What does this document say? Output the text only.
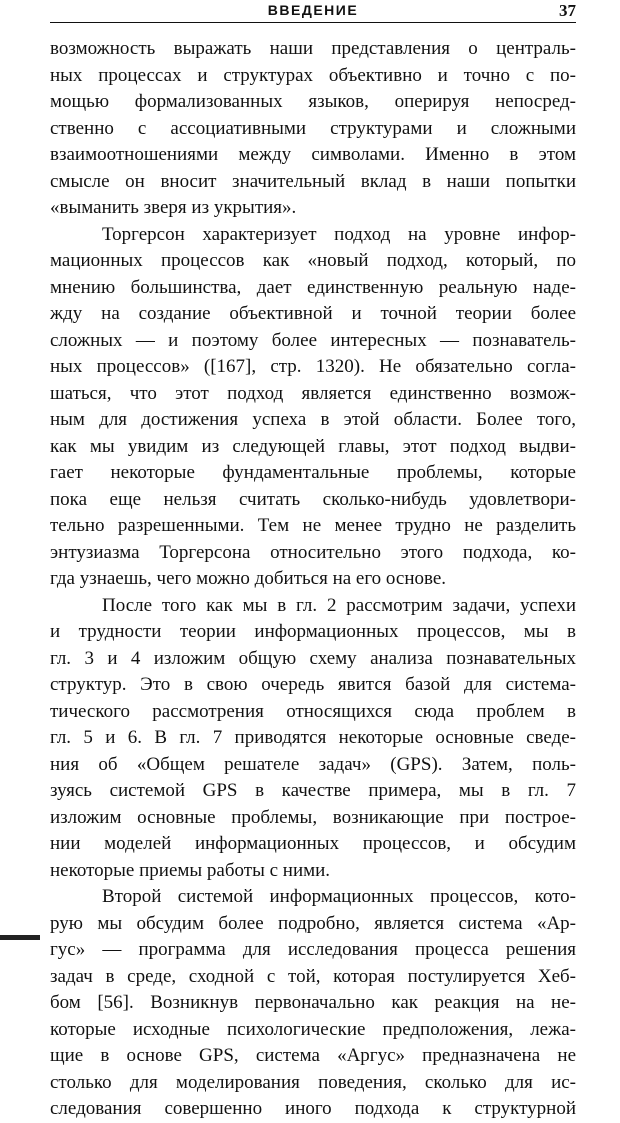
ВВЕДЕНИЕ	37
возможность выражать наши представления о централь-
ных процессах и структурах объективно и точно с по-
мощью формализованных языков, оперируя непосред-
ственно с ассоциативными структурами и сложными
взаимоотношениями между символами. Именно в этом
смысле он вносит значительный вклад в наши попытки
«выманить зверя из укрытия».
Торгерсон характеризует подход на уровне инфор-
мационных процессов как «новый подход, который, по
мнению большинства, дает единственную реальную наде-
жду на создание объективной и точной теории более
сложных — и поэтому более интересных — познаватель-
ных процессов» ([167], стр. 1320). Не обязательно согла-
шаться, что этот подход является единственно возмож-
ным для достижения успеха в этой области. Более того,
как мы увидим из следующей главы, этот подход выдви-
гает некоторые фундаментальные проблемы, которые
пока еще нельзя считать сколько-нибудь удовлетвори-
тельно разрешенными. Тем не менее трудно не разделить
энтузиазма Торгерсона относительно этого подхода, ко-
гда узнаешь, чего можно добиться на его основе.
После того как мы в гл. 2 рассмотрим задачи, успехи
и трудности теории информационных процессов, мы в
гл. 3 и 4 изложим общую схему анализа познавательных
структур. Это в свою очередь явится базой для система-
тического рассмотрения относящихся сюда проблем в
гл. 5 и 6. В гл. 7 приводятся некоторые основные сведе-
ния об «Общем решателе задач» (GPS). Затем, поль-
зуясь системой GPS в качестве примера, мы в гл. 7
изложим основные проблемы, возникающие при построе-
нии моделей информационных процессов, и обсудим
некоторые приемы работы с ними.
Второй системой информационных процессов, кото-
рую мы обсудим более подробно, является система «Ар-
гус» — программа для исследования процесса решения
задач в среде, сходной с той, которая постулируется Хеб-
бом [56]. Возникнув первоначально как реакция на не-
которые исходные психологические предположения, лежа-
щие в основе GPS, система «Аргус» предназначена не
столько для моделирования поведения, сколько для ис-
следования совершенно иного подхода к структурной
